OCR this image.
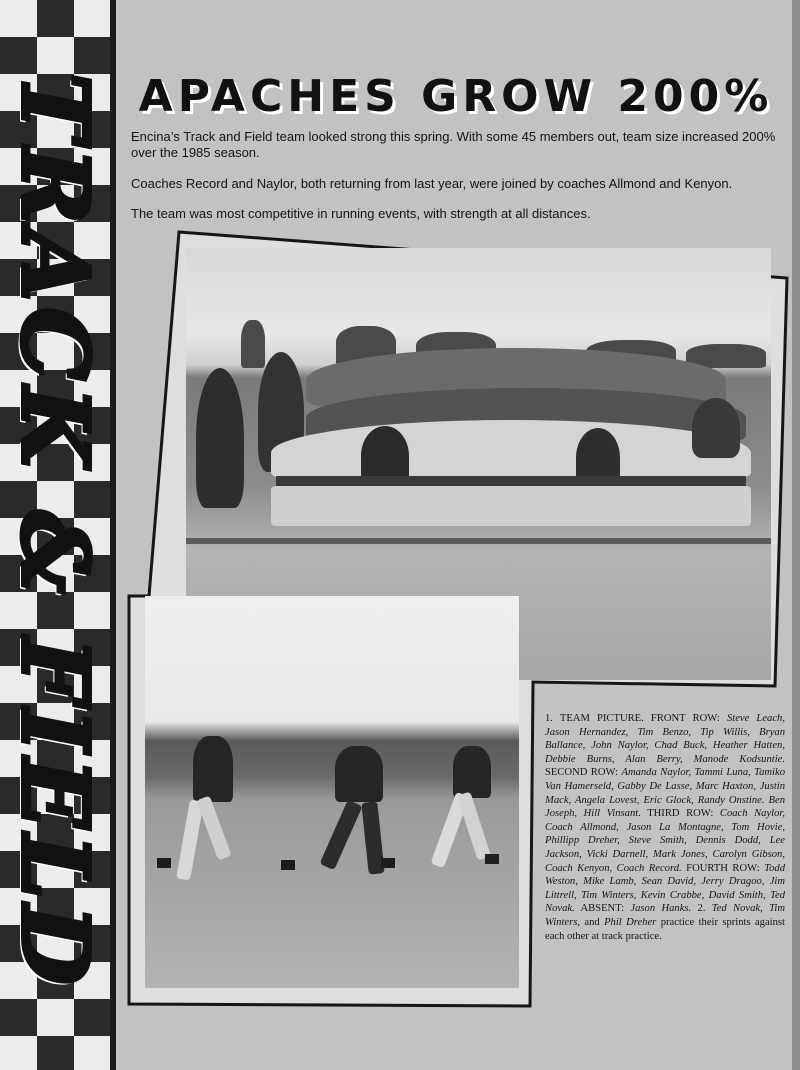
TRACK & FIELD APACHES GROW 200%

Encina’s Track and Field team looked strong this spring. With some 45 members out, team size increased 200% over the 1985 season.

Coaches Record and Naylor, both returning from last year, were joined by coaches Allmond and Kenyon.

The team was most competitive in running events, with strength at all distances.

1. TEAM PICTURE. FRONT ROW: Steve Leach, Jason Hernandez, Tim Benzo, Tip Willis, Bryan Ballance, John Naylor, Chad Buck, Heather Hatten, Debbie Burns, Alan Berry, Manode Kodsuntie. SECOND ROW: Amanda Naylor, Tammi Luna, Tamiko Van Hamerseld, Gabby De Lasse, Marc Haxton, Justin Mack, Angela Lovest, Eric Glock, Randy Onstine. Ben Joseph, Hill Vinsant. THIRD ROW: Coach Naylor, Coach Allmond, Jason La Montagne, Tom Hovie, Phillipp Dreher, Steve Smith, Dennis Dodd, Lee Jackson, Vicki Darnell, Mark Jones, Carolyn Gibson, Coach Kenyon, Coach Record. FOURTH ROW: Todd Weston, Mike Lamb, Sean David, Jerry Dragoo, Jim Littrell, Tim Winters, Kevin Crabbe, David Smith, Ted Novak. ABSENT: Jason Hanks. 2. Ted Novak, Tim Winters, and Phil Dreher practice their sprints against each other at track practice.
